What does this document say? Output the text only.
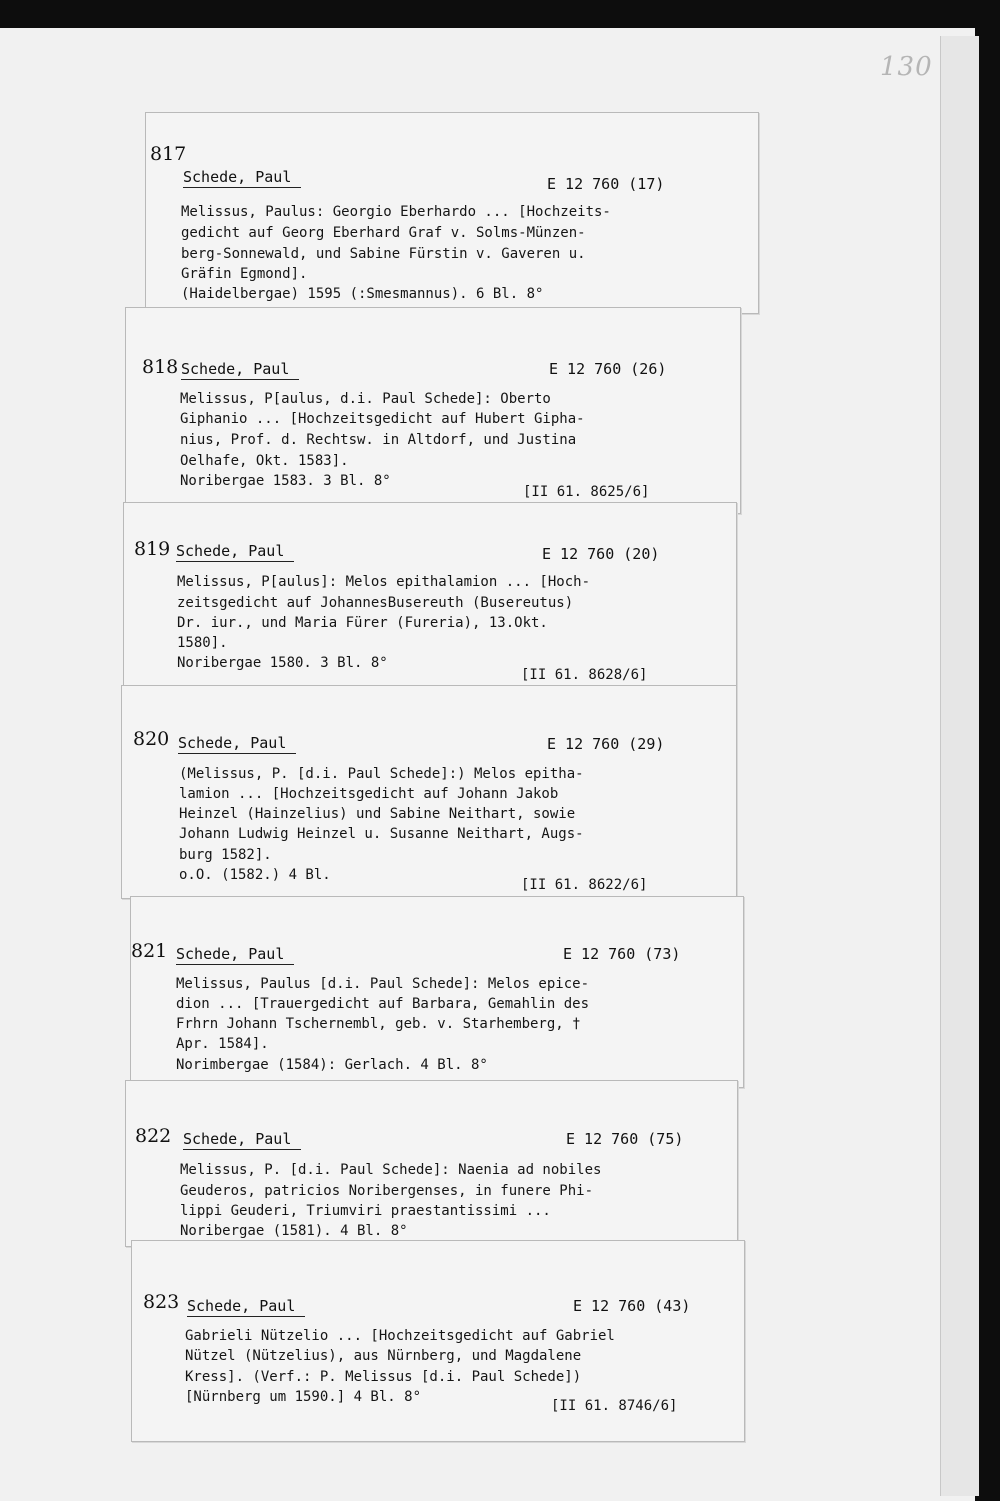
130
817
Schede, Paul	E 12 760 (17)
Melissus, Paulus: Georgio Eberhardo ... [Hochzeits-
gedicht auf Georg Eberhard Graf v. Solms-Münzen-
berg-Sonnewald, und Sabine Fürstin v. Gaveren u.
Gräfin Egmond].
(Haidelbergae) 1595 (:Smesmannus). 6 Bl. 8°
818 Schede, Paul	E 12 760 (26)
Melissus, P[aulus, d.i. Paul Schede]: Oberto
Giphanio ... [Hochzeitsgedicht auf Hubert Gipha-
nius, Prof. d. Rechtsw. in Altdorf, und Justina
Oelhafe, Okt. 1583].
Noribergae 1583. 3 Bl. 8°
[II 61. 8625/6]
819 Schede, Paul	E 12 760 (20)
Melissus, P[aulus]: Melos epithalamion ... [Hoch-
zeitsgedicht auf JohannesBusereuth (Busereutus)
Dr. iur., und Maria Fürer (Fureria), 13.Okt.
1580].
Noribergae 1580. 3 Bl. 8°
[II 61. 8628/6]
820 Schede, Paul	E 12 760 (29)
(Melissus, P. [d.i. Paul Schede]:) Melos epitha-
lamion ... [Hochzeitsgedicht auf Johann Jakob
Heinzel (Hainzelius) und Sabine Neithart, sowie
Johann Ludwig Heinzel u. Susanne Neithart, Augs-
burg 1582].
o.O. (1582.) 4 Bl.
[II 61. 8622/6]
821 Schede, Paul	E 12 760 (73)
Melissus, Paulus [d.i. Paul Schede]: Melos epice-
dion ... [Trauergedicht auf Barbara, Gemahlin des
Frhrn Johann Tschernembl, geb. v. Starhemberg, †
Apr. 1584].
Norimbergae (1584): Gerlach. 4 Bl. 8°
822 Schede, Paul	E 12 760 (75)
Melissus, P. [d.i. Paul Schede]: Naenia ad nobiles
Geuderos, patricios Noribergenses, in funere Phi-
lippi Geuderi, Triumviri praestantissimi ...
Noribergae (1581). 4 Bl. 8°
823 Schede, Paul	E 12 760 (43)
Gabrieli Nützelio ... [Hochzeitsgedicht auf Gabriel
Nützel (Nützelius), aus Nürnberg, und Magdalene
Kress]. (Verf.: P. Melissus [d.i. Paul Schede])
[Nürnberg um 1590.] 4 Bl. 8°
[II 61. 8746/6]
